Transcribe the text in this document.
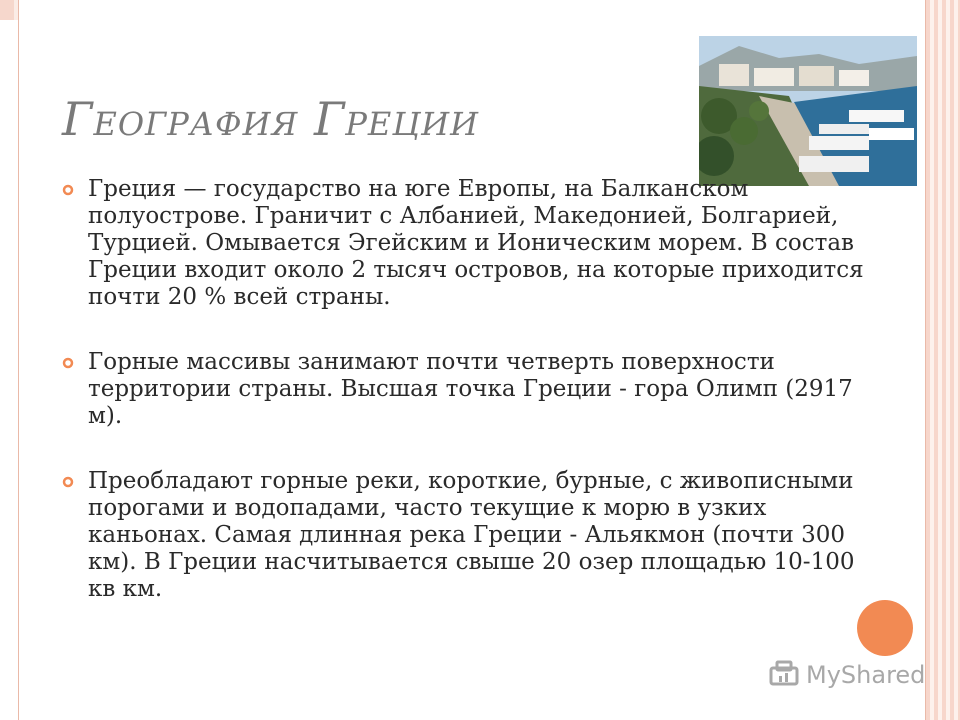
География Греции

Греция — государство на юге Европы, на Балканском полуострове. Граничит с Албанией, Македонией, Болгарией, Турцией. Омывается Эгейским и Ионическим морем. В состав Греции входит около 2 тысяч островов, на которые приходится почти 20 % всей страны.

Горные массивы занимают почти четверть поверхности территории страны. Высшая точка Греции - гора Олимп (2917 м).

Преобладают горные реки, короткие, бурные, с живописными порогами и водопадами, часто текущие к морю в узких каньонах. Самая длинная река Греции - Альякмон (почти 300 км). В Греции насчитывается свыше 20 озер площадью 10-100 кв км.

MyShared
